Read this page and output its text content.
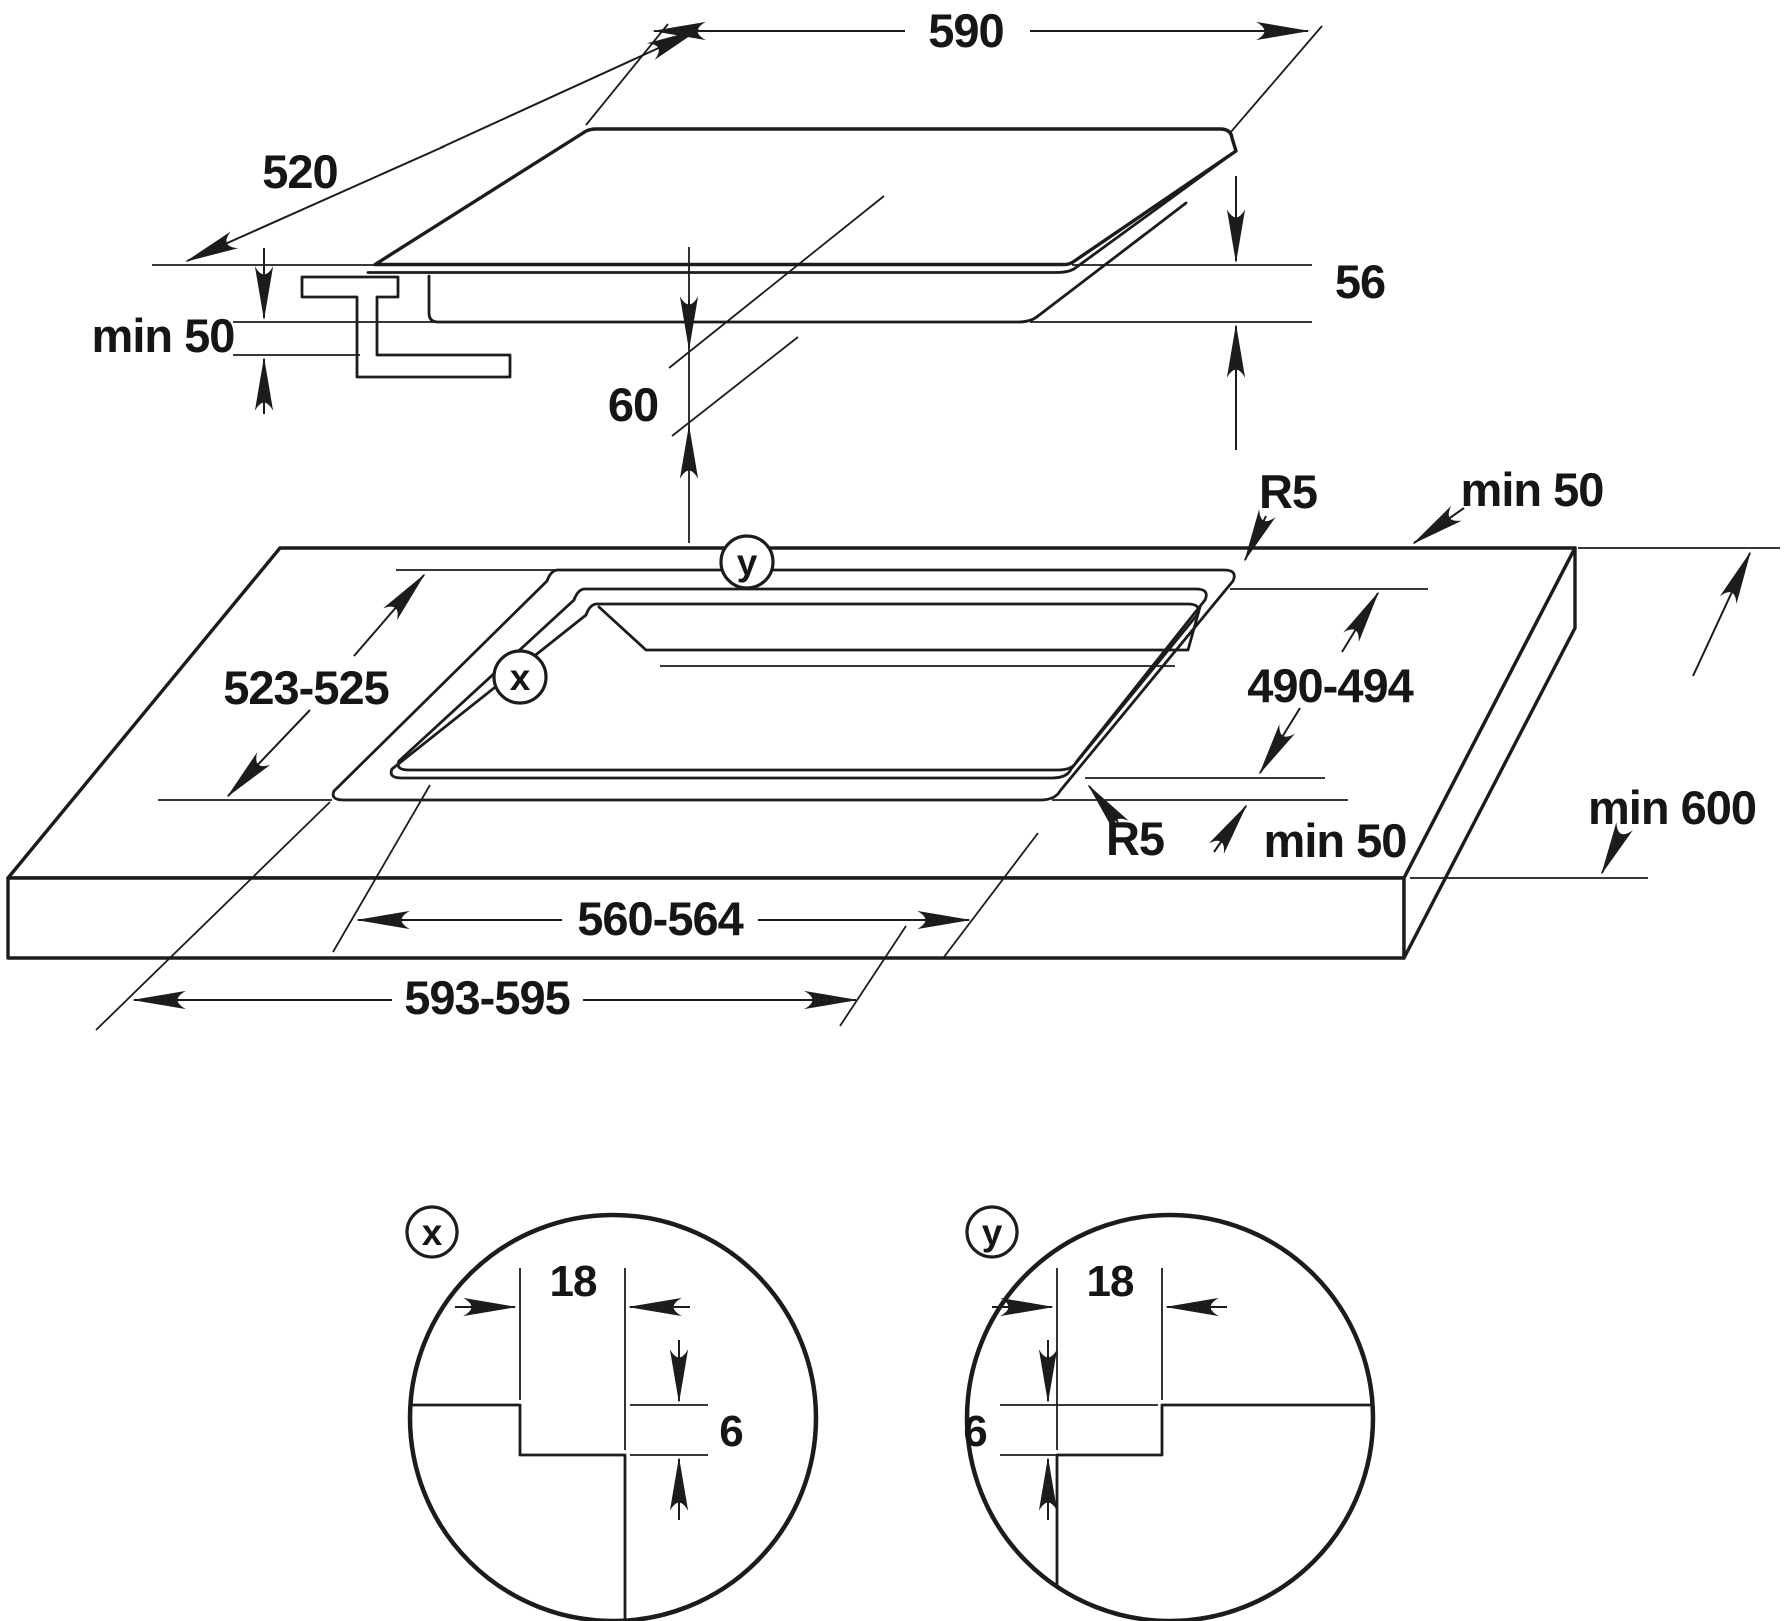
590
520
min 50
60
56
523-525	490-494
min 600
R5	min 50
R5 min 50
560-564
593-595
x
y
18
6
x
18
6
y
